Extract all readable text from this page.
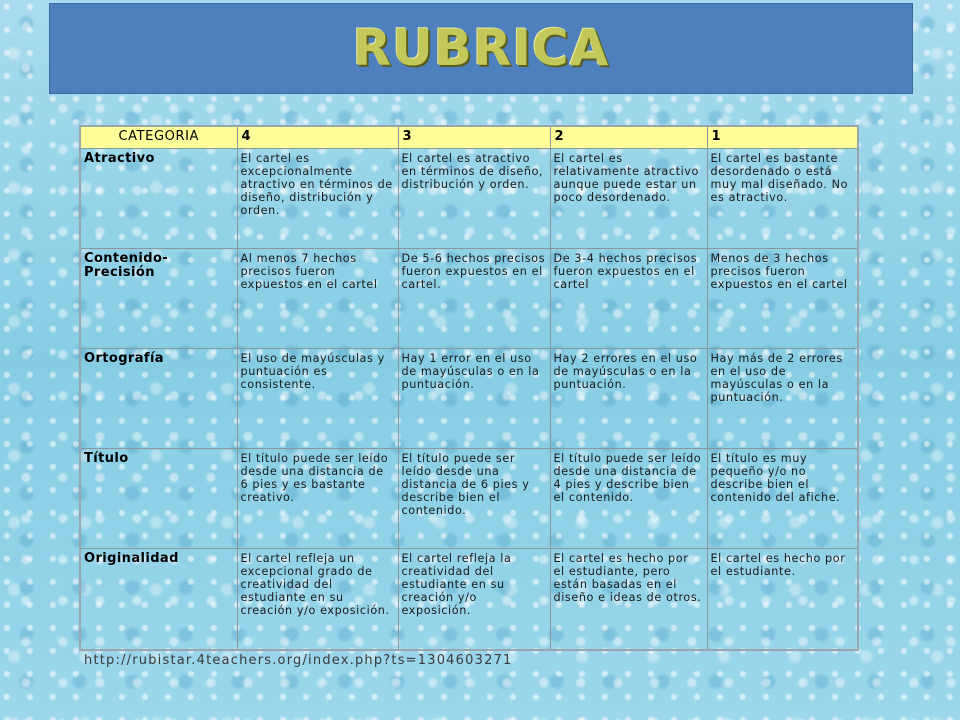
RUBRICA
CATEGORIA	4	3	2	1
Atractivo	El cartel es excepcionalmente atractivo en términos de diseño, distribución y orden.	El cartel es atractivo en términos de diseño, distribución y orden.	El cartel es relativamente atractivo aunque puede estar un poco desordenado.	El cartel es bastante desordenado o está muy mal diseñado. No es atractivo.
Contenido-Precisión	Al menos 7 hechos precisos fueron expuestos en el cartel	De 5-6 hechos precisos fueron expuestos en el cartel.	De 3-4 hechos precisos fueron expuestos en el cartel	Menos de 3 hechos precisos fueron expuestos en el cartel
Ortografía	El uso de mayúsculas y puntuación es consistente.	Hay 1 error en el uso de mayúsculas o en la puntuación.	Hay 2 errores en el uso de mayúsculas o en la puntuación.	Hay más de 2 errores en el uso de mayúsculas o en la puntuación.
Título	El título puede ser leído desde una distancia de 6 pies y es bastante creativo.	El título puede ser leído desde una distancia de 6 pies y describe bien el contenido.	El título puede ser leído desde una distancia de 4 pies y describe bien el contenido.	El título es muy pequeño y/o no describe bien el contenido del afiche.
Originalidad	El cartel refleja un excepcional grado de creatividad del estudiante en su creación y/o exposición.	El cartel refleja la creatividad del estudiante en su creación y/o exposición.	El cartel es hecho por el estudiante, pero están basadas en el diseño e ideas de otros.	El cartel es hecho por el estudiante.
http://rubistar.4teachers.org/index.php?ts=1304603271
